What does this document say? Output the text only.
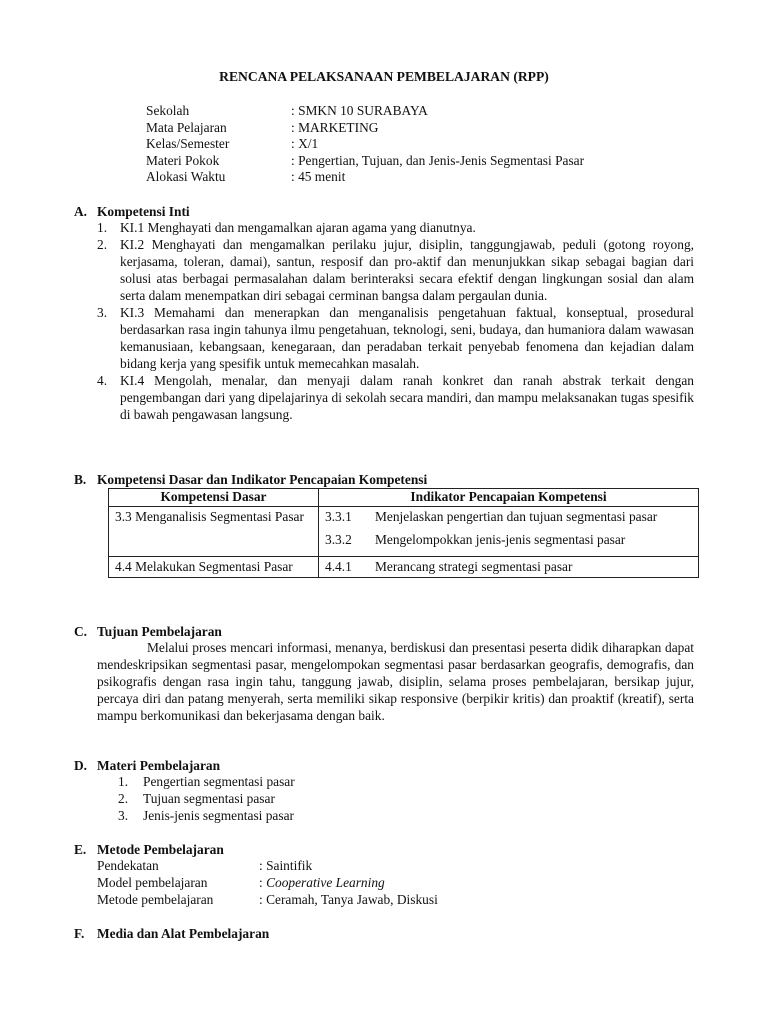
RENCANA PELAKSANAAN PEMBELAJARAN (RPP)
Sekolah	: SMKN 10 SURABAYA
Mata Pelajaran	: MARKETING
Kelas/Semester	: X/1
Materi Pokok	: Pengertian, Tujuan, dan Jenis-Jenis Segmentasi Pasar
Alokasi Waktu	: 45 menit
A. Kompetensi Inti
1. KI.1 Menghayati dan mengamalkan ajaran agama yang dianutnya.
2. KI.2 Menghayati dan mengamalkan perilaku jujur, disiplin, tanggungjawab, peduli (gotong royong, kerjasama, toleran, damai), santun, resposif dan pro-aktif dan menunjukkan sikap sebagai bagian dari solusi atas berbagai permasalahan dalam berinteraksi secara efektif dengan lingkungan sosial dan alam serta dalam menempatkan diri sebagai cerminan bangsa dalam pergaulan dunia.
3. KI.3 Memahami dan menerapkan dan menganalisis pengetahuan faktual, konseptual, prosedural berdasarkan rasa ingin tahunya ilmu pengetahuan, teknologi, seni, budaya, dan humaniora dalam wawasan kemanusiaan, kebangsaan, kenegaraan, dan peradaban terkait penyebab fenomena dan kejadian dalam bidang kerja yang spesifik untuk memecahkan masalah.
4. KI.4 Mengolah, menalar, dan menyaji dalam ranah konkret dan ranah abstrak terkait dengan pengembangan dari yang dipelajarinya di sekolah secara mandiri, dan mampu melaksanakan tugas spesifik di bawah pengawasan langsung.
B. Kompetensi Dasar dan Indikator Pencapaian Kompetensi
Kompetensi Dasar	Indikator Pencapaian Kompetensi
3.3 Menganalisis Segmentasi Pasar	3.3.1 Menjelaskan pengertian dan tujuan segmentasi pasar
3.3.2 Mengelompokkan jenis-jenis segmentasi pasar

4.4 Melakukan Segmentasi Pasar	4.4.1 Merancang strategi segmentasi pasar
C. Tujuan Pembelajaran
Melalui proses mencari informasi, menanya, berdiskusi dan presentasi peserta didik diharapkan dapat mendeskripsikan segmentasi pasar, mengelompokan segmentasi pasar berdasarkan geografis, demografis, dan psikografis dengan rasa ingin tahu, tanggung jawab, disiplin, selama proses pembelajaran, bersikap jujur, percaya diri dan patang menyerah, serta memiliki sikap responsive (berpikir kritis) dan proaktif (kreatif), serta mampu berkomunikasi dan bekerjasama dengan baik.
D. Materi Pembelajaran
1. Pengertian segmentasi pasar
2. Tujuan segmentasi pasar
3. Jenis-jenis segmentasi pasar
E. Metode Pembelajaran
Pendekatan	: Saintifik
Model pembelajaran	: Cooperative Learning
Metode pembelajaran	: Ceramah, Tanya Jawab, Diskusi
F. Media dan Alat Pembelajaran
